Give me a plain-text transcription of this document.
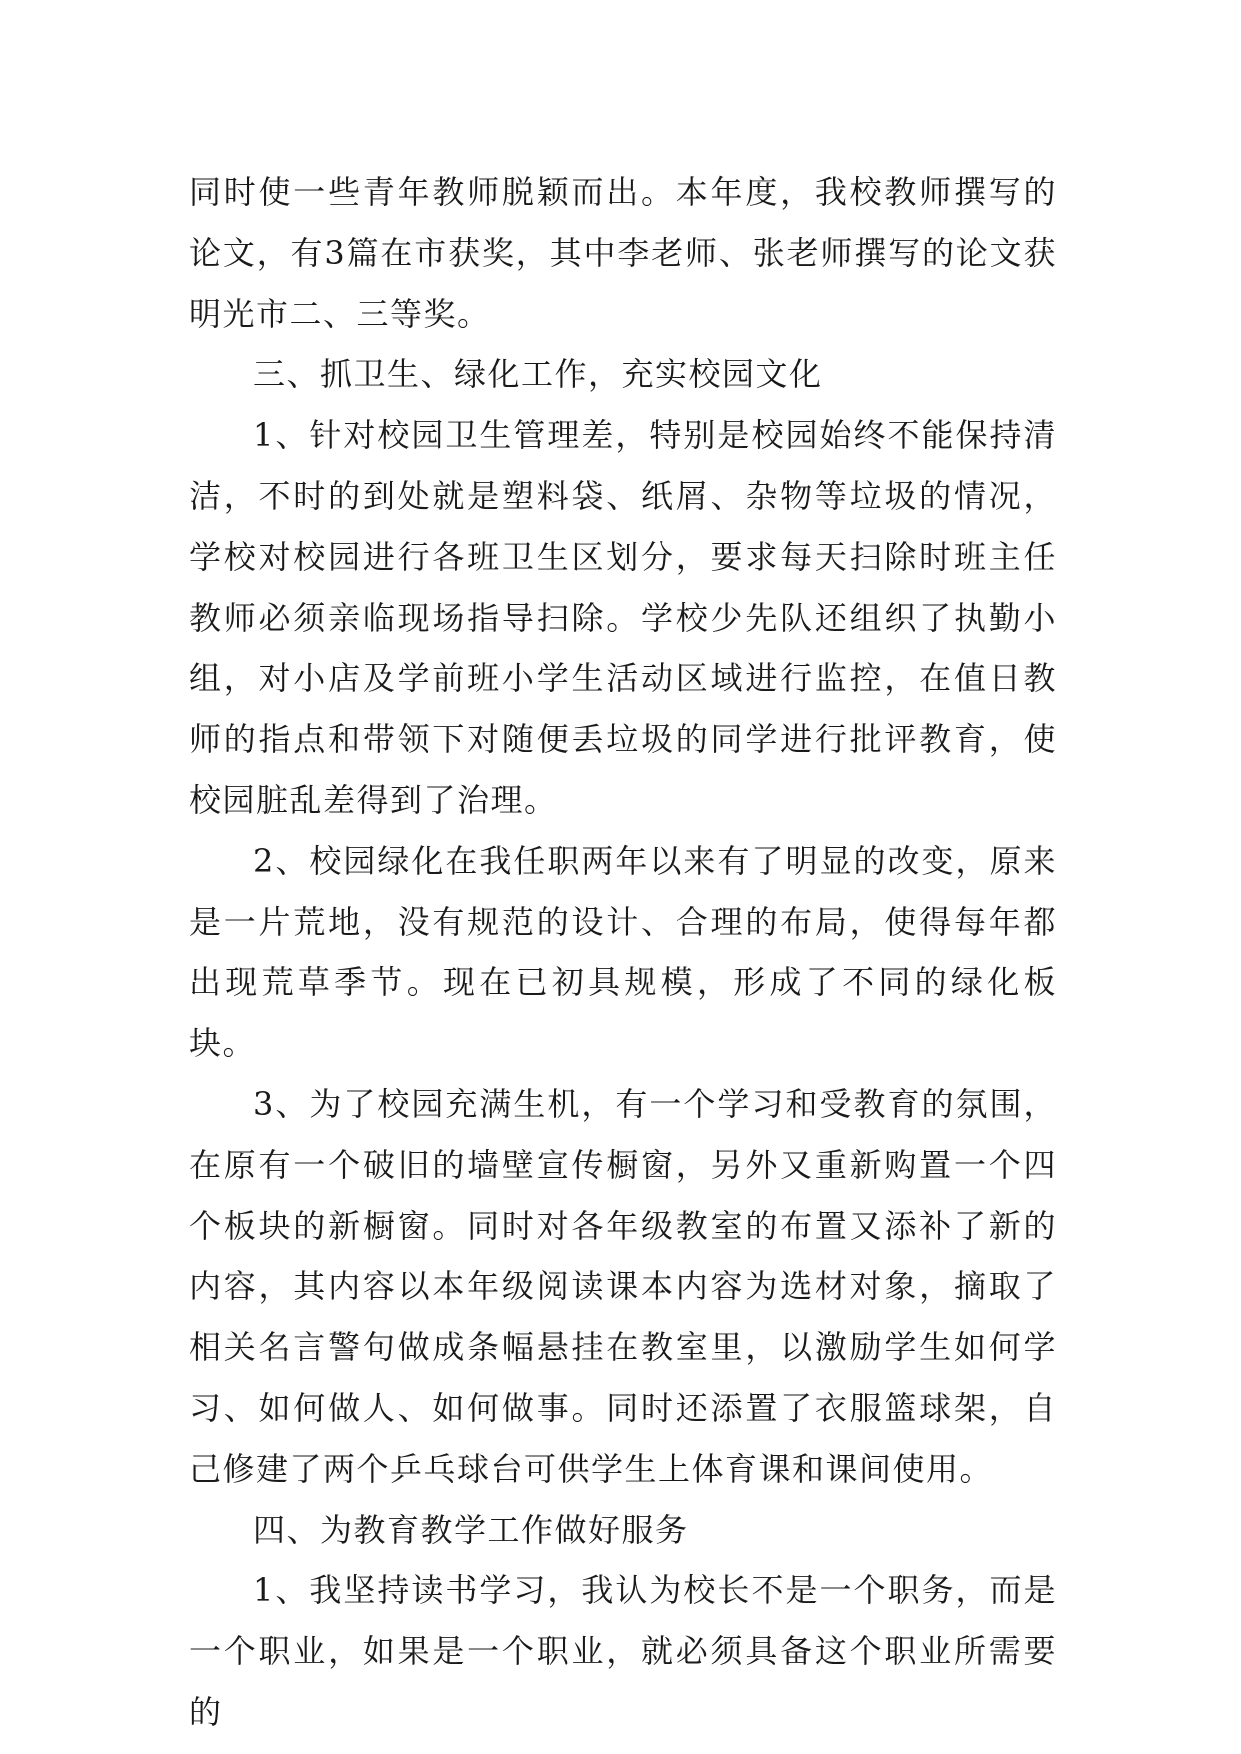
同时使一些青年教师脱颖而出。本年度，我校教师撰写的论文，有3篇在市获奖，其中李老师、张老师撰写的论文获明光市二、三等奖。

三、抓卫生、绿化工作，充实校园文化

1、针对校园卫生管理差，特别是校园始终不能保持清洁，不时的到处就是塑料袋、纸屑、杂物等垃圾的情况，学校对校园进行各班卫生区划分，要求每天扫除时班主任教师必须亲临现场指导扫除。学校少先队还组织了执勤小组，对小店及学前班小学生活动区域进行监控，在值日教师的指点和带领下对随便丢垃圾的同学进行批评教育，使校园脏乱差得到了治理。

2、校园绿化在我任职两年以来有了明显的改变，原来是一片荒地，没有规范的设计、合理的布局，使得每年都出现荒草季节。现在已初具规模，形成了不同的绿化板块。

3、为了校园充满生机，有一个学习和受教育的氛围，在原有一个破旧的墙壁宣传橱窗，另外又重新购置一个四个板块的新橱窗。同时对各年级教室的布置又添补了新的内容，其内容以本年级阅读课本内容为选材对象，摘取了相关名言警句做成条幅悬挂在教室里，以激励学生如何学习、如何做人、如何做事。同时还添置了衣服篮球架，自己修建了两个乒乓球台可供学生上体育课和课间使用。

四、为教育教学工作做好服务

1、我坚持读书学习，我认为校长不是一个职务，而是一个职业，如果是一个职业，就必须具备这个职业所需要的
